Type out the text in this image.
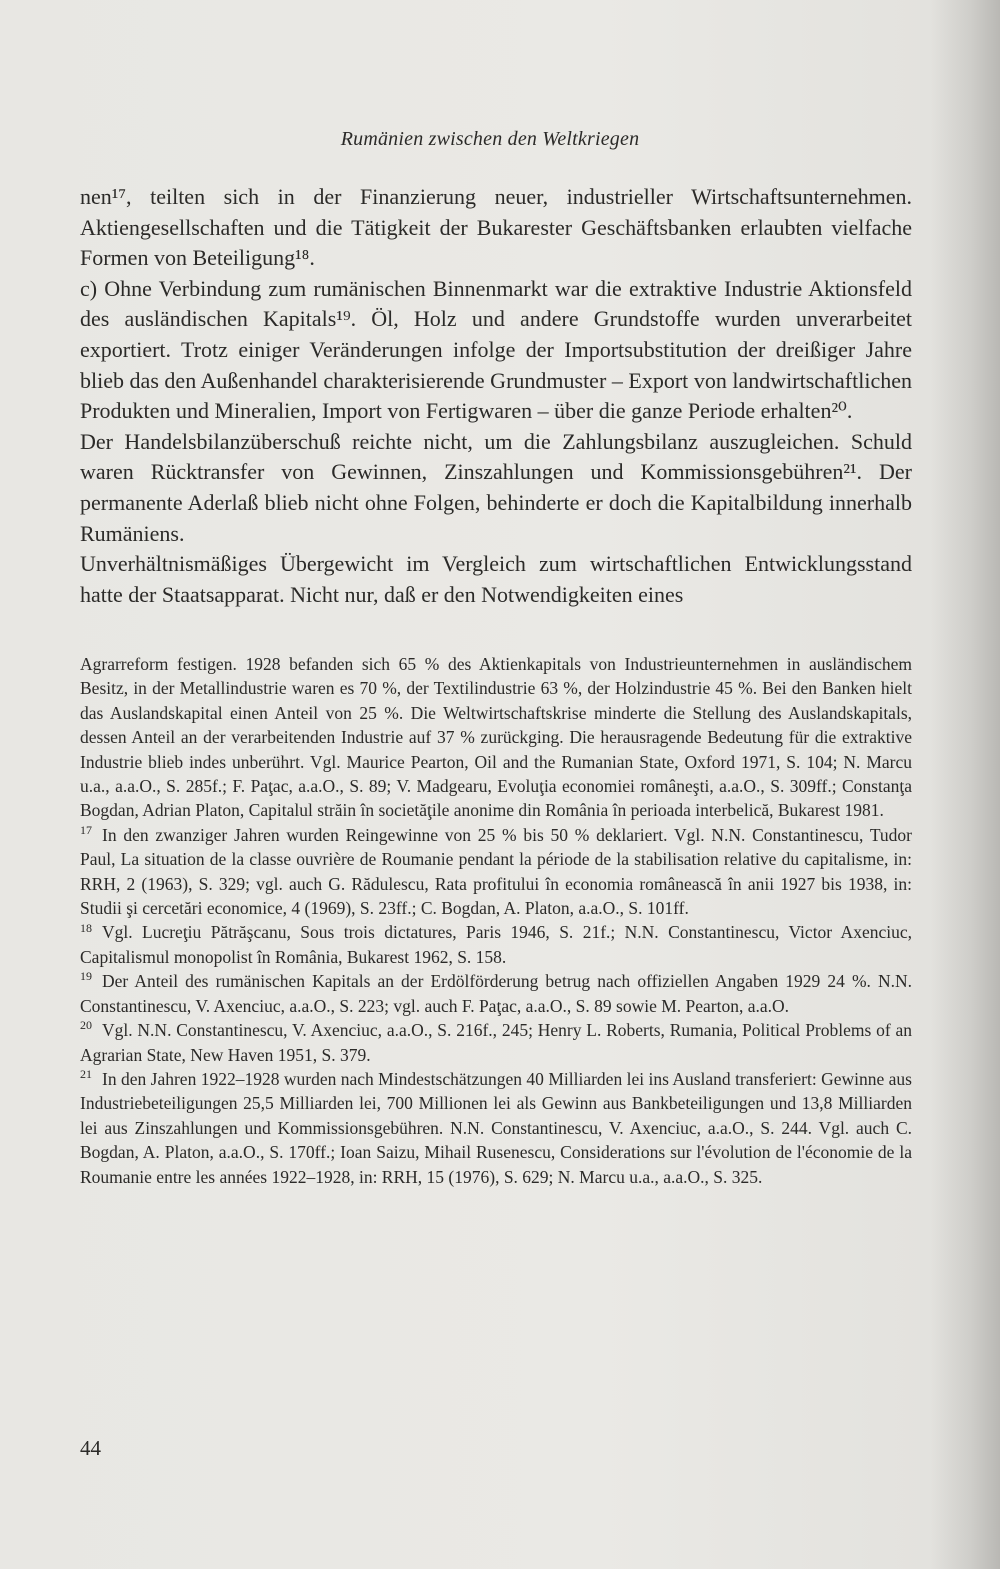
Rumänien zwischen den Weltkriegen

nen¹⁷, teilten sich in der Finanzierung neuer, industrieller Wirtschaftsunternehmen. Aktiengesellschaften und die Tätigkeit der Bukarester Geschäftsbanken erlaubten vielfache Formen von Beteiligung¹⁸.

c) Ohne Verbindung zum rumänischen Binnenmarkt war die extraktive Industrie Aktionsfeld des ausländischen Kapitals¹⁹. Öl, Holz und andere Grundstoffe wurden unverarbeitet exportiert. Trotz einiger Veränderungen infolge der Importsubstitution der dreißiger Jahre blieb das den Außenhandel charakterisierende Grundmuster – Export von landwirtschaftlichen Produkten und Mineralien, Import von Fertigwaren – über die ganze Periode erhalten²⁰.

Der Handelsbilanzüberschuß reichte nicht, um die Zahlungsbilanz auszugleichen. Schuld waren Rücktransfer von Gewinnen, Zinszahlungen und Kommissionsgebühren²¹. Der permanente Aderlaß blieb nicht ohne Folgen, behinderte er doch die Kapitalbildung innerhalb Rumäniens.

Unverhältnismäßiges Übergewicht im Vergleich zum wirtschaftlichen Entwicklungsstand hatte der Staatsapparat. Nicht nur, daß er den Notwendigkeiten eines

Agrarreform festigen. 1928 befanden sich 65 % des Aktienkapitals von Industrieunternehmen in ausländischem Besitz, in der Metallindustrie waren es 70 %, der Textilindustrie 63 %, der Holzindustrie 45 %. Bei den Banken hielt das Auslandskapital einen Anteil von 25 %. Die Weltwirtschaftskrise minderte die Stellung des Auslandskapitals, dessen Anteil an der verarbeitenden Industrie auf 37 % zurückging. Die herausragende Bedeutung für die extraktive Industrie blieb indes unberührt. Vgl. Maurice Pearton, Oil and the Rumanian State, Oxford 1971, S. 104; N. Marcu u.a., a.a.O., S. 285f.; F. Paţac, a.a.O., S. 89; V. Madgearu, Evoluţia economiei româneşti, a.a.O., S. 309ff.; Constanţa Bogdan, Adrian Platon, Capitalul străin în societăţile anonime din România în perioada interbelică, Bukarest 1981.

$^{17}$ In den zwanziger Jahren wurden Reingewinne von 25 % bis 50 % deklariert. Vgl. N.N. Constantinescu, Tudor Paul, La situation de la classe ouvrière de Roumanie pendant la période de la stabilisation relative du capitalisme, in: RRH, 2 (1963), S. 329; vgl. auch G. Rădulescu, Rata profitului în economia românească în anii 1927 bis 1938, in: Studii şi cercetări economice, 4 (1969), S. 23ff.; C. Bogdan, A. Platon, a.a.O., S. 101ff.

$^{18}$ Vgl. Lucreţiu Pătrăşcanu, Sous trois dictatures, Paris 1946, S. 21f.; N.N. Constantinescu, Victor Axenciuc, Capitalismul monopolist în România, Bukarest 1962, S. 158.

$^{19}$ Der Anteil des rumänischen Kapitals an der Erdölförderung betrug nach offiziellen Angaben 1929 24 %. N.N. Constantinescu, V. Axenciuc, a.a.O., S. 223; vgl. auch F. Paţac, a.a.O., S. 89 sowie M. Pearton, a.a.O.

$^{20}$ Vgl. N.N. Constantinescu, V. Axenciuc, a.a.O., S. 216f., 245; Henry L. Roberts, Rumania, Political Problems of an Agrarian State, New Haven 1951, S. 379.

$^{21}$ In den Jahren 1922–1928 wurden nach Mindestschätzungen 40 Milliarden lei ins Ausland transferiert: Gewinne aus Industriebeteiligungen 25,5 Milliarden lei, 700 Millionen lei als Gewinn aus Bankbeteiligungen und 13,8 Milliarden lei aus Zinszahlungen und Kommissionsgebühren. N.N. Constantinescu, V. Axenciuc, a.a.O., S. 244. Vgl. auch C. Bogdan, A. Platon, a.a.O., S. 170ff.; Ioan Saizu, Mihail Rusenescu, Considerations sur l'évolution de l'économie de la Roumanie entre les années 1922–1928, in: RRH, 15 (1976), S. 629; N. Marcu u.a., a.a.O., S. 325.

44
